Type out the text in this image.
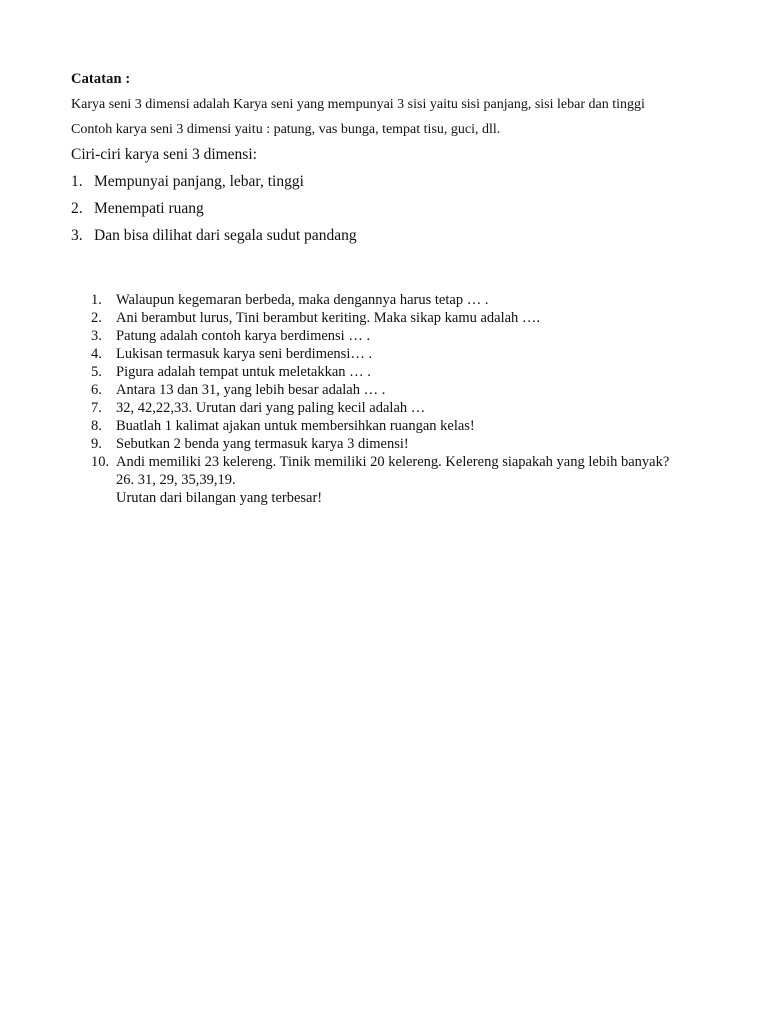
Catatan :
Karya seni 3 dimensi adalah Karya seni yang mempunyai 3 sisi yaitu sisi panjang, sisi lebar dan tinggi
Contoh karya seni 3 dimensi yaitu : patung, vas bunga, tempat tisu, guci, dll.
Ciri-ciri karya seni 3 dimensi:
1. Mempunyai panjang, lebar, tinggi
2. Menempati ruang
3. Dan bisa dilihat dari segala sudut pandang
1. Walaupun kegemaran berbeda, maka dengannya harus tetap … .
2. Ani berambut lurus, Tini berambut keriting. Maka sikap kamu adalah ….
3. Patung adalah contoh karya berdimensi … .
4. Lukisan termasuk karya seni berdimensi… .
5. Pigura adalah tempat untuk meletakkan … .
6. Antara 13 dan 31, yang lebih besar adalah … .
7. 32, 42,22,33. Urutan dari yang paling kecil adalah …
8. Buatlah 1 kalimat ajakan untuk membersihkan ruangan kelas!
9. Sebutkan 2 benda yang termasuk karya 3 dimensi!
10. Andi memiliki 23 kelereng. Tinik memiliki 20 kelereng. Kelereng siapakah yang lebih banyak?
26. 31, 29, 35,39,19.
Urutan dari bilangan yang terbesar!
